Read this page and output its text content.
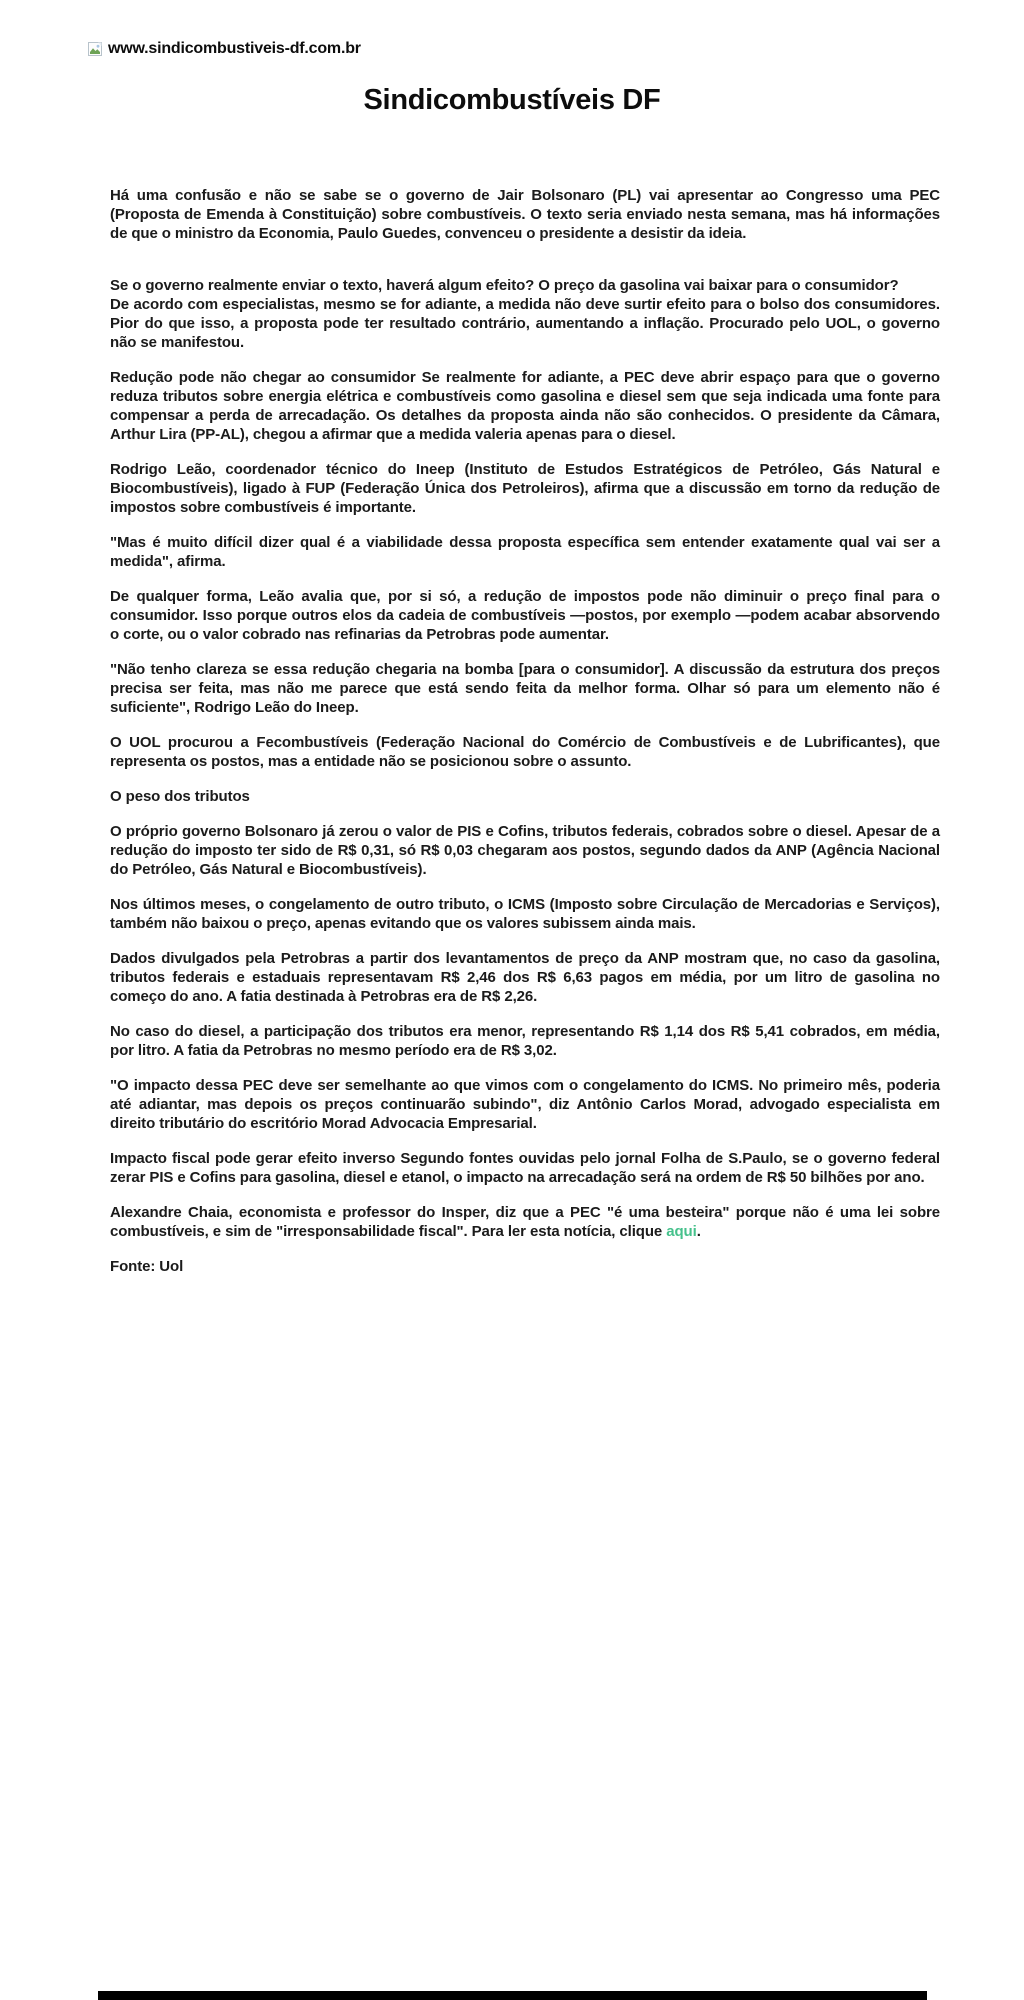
www.sindicombustiveis-df.com.br
Sindicombustíveis DF

Há uma confusão e não se sabe se o governo de Jair Bolsonaro (PL) vai apresentar ao Congresso uma PEC (Proposta de Emenda à Constituição) sobre combustíveis. O texto seria enviado nesta semana, mas há informações de que o ministro da Economia, Paulo Guedes, convenceu o presidente a desistir da ideia.

Se o governo realmente enviar o texto, haverá algum efeito? O preço da gasolina vai baixar para o consumidor?
De acordo com especialistas, mesmo se for adiante, a medida não deve surtir efeito para o bolso dos consumidores. Pior do que isso, a proposta pode ter resultado contrário, aumentando a inflação. Procurado pelo UOL, o governo não se manifestou.

Redução pode não chegar ao consumidor Se realmente for adiante, a PEC deve abrir espaço para que o governo reduza tributos sobre energia elétrica e combustíveis como gasolina e diesel sem que seja indicada uma fonte para compensar a perda de arrecadação. Os detalhes da proposta ainda não são conhecidos. O presidente da Câmara, Arthur Lira (PP-AL), chegou a afirmar que a medida valeria apenas para o diesel.

Rodrigo Leão, coordenador técnico do Ineep (Instituto de Estudos Estratégicos de Petróleo, Gás Natural e Biocombustíveis), ligado à FUP (Federação Única dos Petroleiros), afirma que a discussão em torno da redução de impostos sobre combustíveis é importante.

"Mas é muito difícil dizer qual é a viabilidade dessa proposta específica sem entender exatamente qual vai ser a medida", afirma.

De qualquer forma, Leão avalia que, por si só, a redução de impostos pode não diminuir o preço final para o consumidor. Isso porque outros elos da cadeia de combustíveis —postos, por exemplo —podem acabar absorvendo o corte, ou o valor cobrado nas refinarias da Petrobras pode aumentar.

"Não tenho clareza se essa redução chegaria na bomba [para o consumidor]. A discussão da estrutura dos preços precisa ser feita, mas não me parece que está sendo feita da melhor forma. Olhar só para um elemento não é suficiente", Rodrigo Leão do Ineep.

O UOL procurou a Fecombustíveis (Federação Nacional do Comércio de Combustíveis e de Lubrificantes), que representa os postos, mas a entidade não se posicionou sobre o assunto.

O peso dos tributos

O próprio governo Bolsonaro já zerou o valor de PIS e Cofins, tributos federais, cobrados sobre o diesel. Apesar de a redução do imposto ter sido de R$ 0,31, só R$ 0,03 chegaram aos postos, segundo dados da ANP (Agência Nacional do Petróleo, Gás Natural e Biocombustíveis).

Nos últimos meses, o congelamento de outro tributo, o ICMS (Imposto sobre Circulação de Mercadorias e Serviços), também não baixou o preço, apenas evitando que os valores subissem ainda mais.

Dados divulgados pela Petrobras a partir dos levantamentos de preço da ANP mostram que, no caso da gasolina, tributos federais e estaduais representavam R$ 2,46 dos R$ 6,63 pagos em média, por um litro de gasolina no começo do ano. A fatia destinada à Petrobras era de R$ 2,26.

No caso do diesel, a participação dos tributos era menor, representando R$ 1,14 dos R$ 5,41 cobrados, em média, por litro. A fatia da Petrobras no mesmo período era de R$ 3,02.

"O impacto dessa PEC deve ser semelhante ao que vimos com o congelamento do ICMS. No primeiro mês, poderia até adiantar, mas depois os preços continuarão subindo", diz Antônio Carlos Morad, advogado especialista em direito tributário do escritório Morad Advocacia Empresarial.

Impacto fiscal pode gerar efeito inverso Segundo fontes ouvidas pelo jornal Folha de S.Paulo, se o governo federal zerar PIS e Cofins para gasolina, diesel e etanol, o impacto na arrecadação será na ordem de R$ 50 bilhões por ano.

Alexandre Chaia, economista e professor do Insper, diz que a PEC "é uma besteira" porque não é uma lei sobre combustíveis, e sim de "irresponsabilidade fiscal". Para ler esta notícia, clique aqui.

Fonte: Uol
